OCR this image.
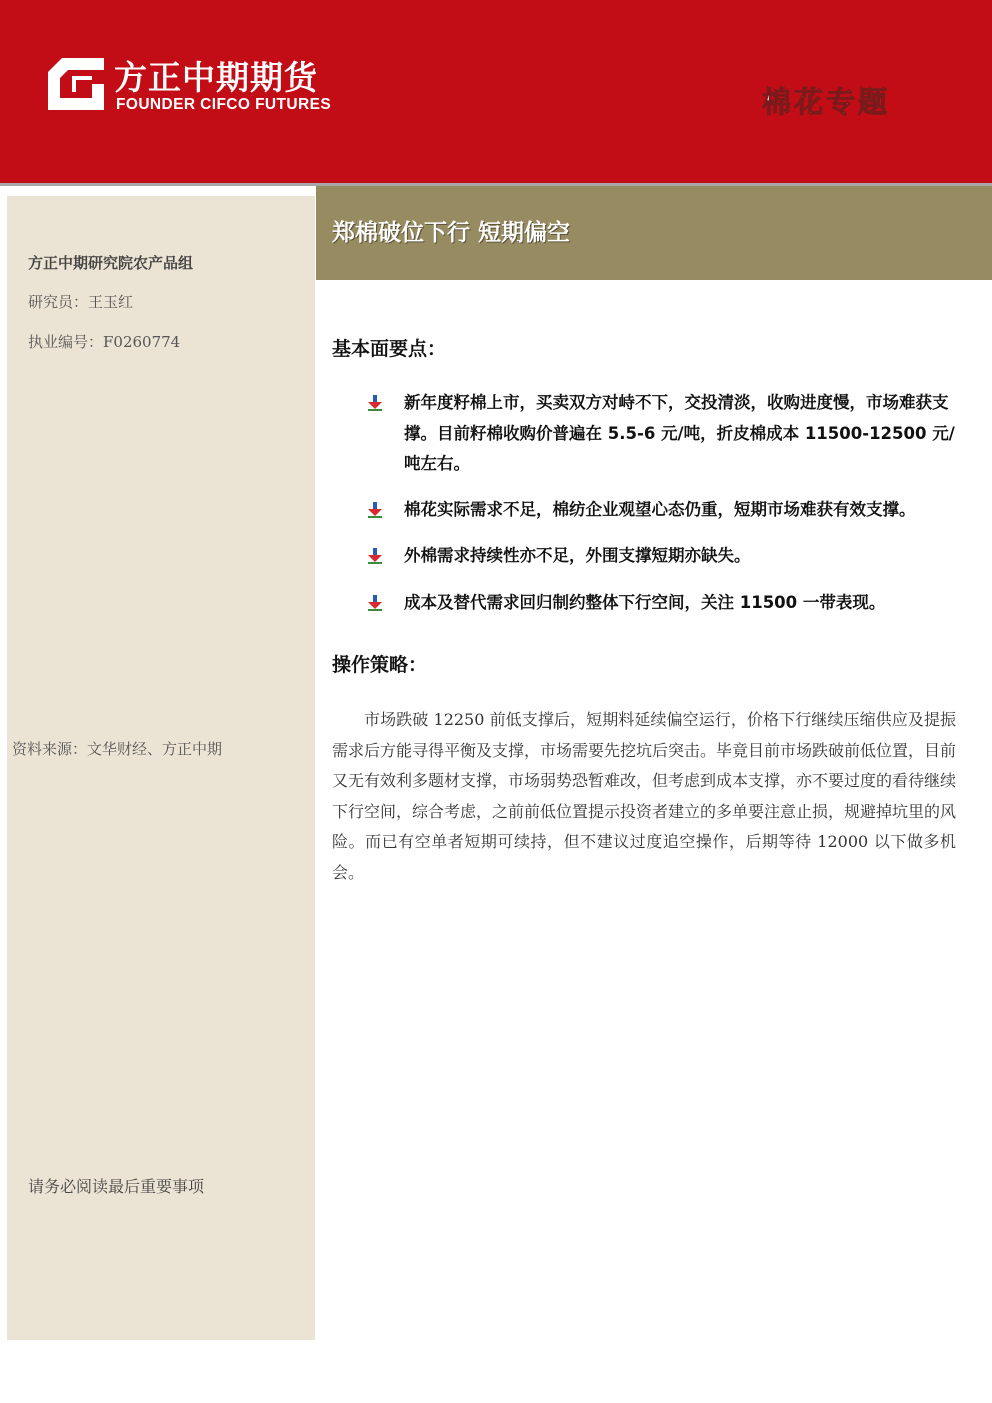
方正中期期货
FOUNDER CIFCO FUTURES	棉花专题
方正中期研究院农产品组
研究员：王玉红
执业编号：F0260774
资料来源：文华财经、方正中期
请务必阅读最后重要事项
郑棉破位下行 短期偏空
基本面要点：
新年度籽棉上市，买卖双方对峙不下，交投清淡，收购进度慢，市场难获支撑。目前籽棉收购价普遍在 5.5-6 元/吨，折皮棉成本 11500-12500 元/吨左右。
棉花实际需求不足，棉纺企业观望心态仍重，短期市场难获有效支撑。
外棉需求持续性亦不足，外围支撑短期亦缺失。
成本及替代需求回归制约整体下行空间，关注 11500 一带表现。
操作策略：

市场跌破 12250 前低支撑后，短期料延续偏空运行，价格下行继续压缩供应及提振需求后方能寻得平衡及支撑，市场需要先挖坑后突击。毕竟目前市场跌破前低位置，目前又无有效利多题材支撑，市场弱势恐暂难改，但考虑到成本支撑，亦不要过度的看待继续下行空间，综合考虑，之前前低位置提示投资者建立的多单要注意止损，规避掉坑里的风险。而已有空单者短期可续持，但不建议过度追空操作，后期等待 12000 以下做多机会。
